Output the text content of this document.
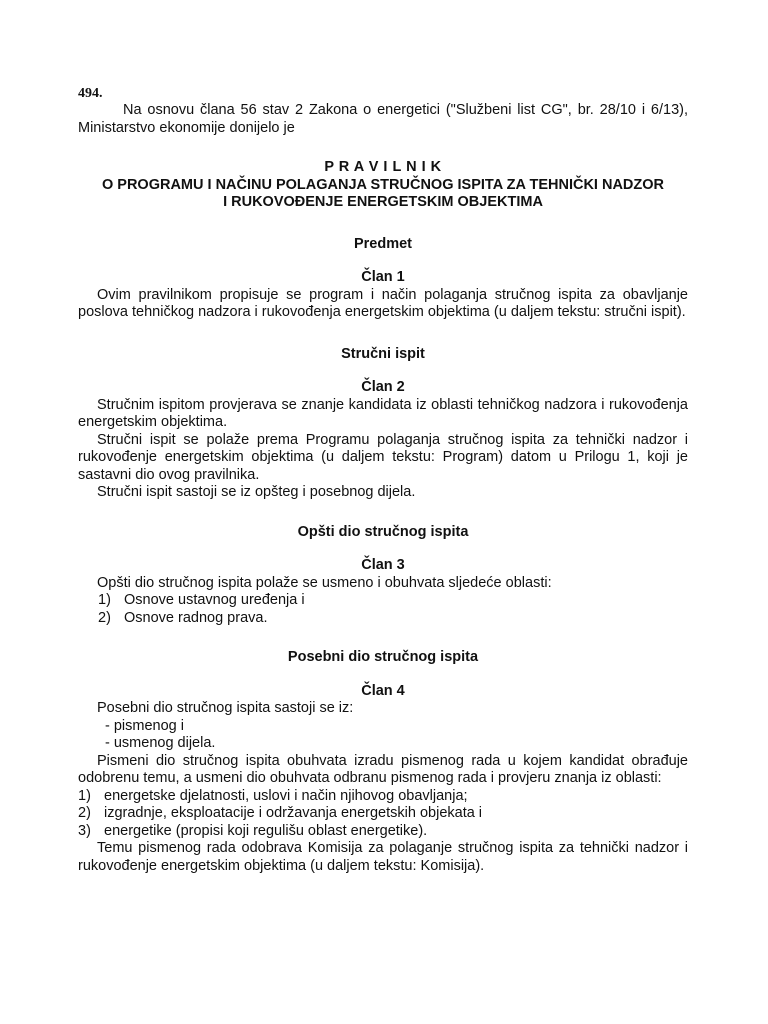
494.

Na osnovu člana 56 stav 2 Zakona o energetici ("Službeni list CG", br. 28/10 i 6/13), Ministarstvo ekonomije donijelo je

P R A V I L N I K
O PROGRAMU I NAČINU POLAGANJA STRUČNOG ISPITA ZA TEHNIČKI NADZOR
I RUKOVOĐENJE ENERGETSKIM OBJEKTIMA
Predmet
Član 1

Ovim pravilnikom propisuje se program i način polaganja stručnog ispita za obavljanje poslova tehničkog nadzora i rukovođenja energetskim objektima (u daljem tekstu: stručni ispit).

Stručni ispit
Član 2

Stručnim ispitom provjerava se znanje kandidata iz oblasti tehničkog nadzora i rukovođenja energetskim objektima.

Stručni ispit se polaže prema Programu polaganja stručnog ispita za tehnički nadzor i rukovođenje energetskim objektima (u daljem tekstu: Program) datom u Prilogu 1, koji je sastavni dio ovog pravilnika.

Stručni ispit sastoji se iz opšteg i posebnog dijela.

Opšti dio stručnog ispita
Član 3

Opšti dio stručnog ispita polaže se usmeno i obuhvata sljedeće oblasti:

1) Osnove ustavnog uređenja i
2) Osnove radnog prava.
Posebni dio stručnog ispita
Član 4

Posebni dio stručnog ispita sastoji se iz:

- pismenog i
- usmenog dijela.

Pismeni dio stručnog ispita obuhvata izradu pismenog rada u kojem kandidat obrađuje odobrenu temu, a usmeni dio obuhvata odbranu pismenog rada i provjeru znanja iz oblasti:

1) energetske djelatnosti, uslovi i način njihovog obavljanja;
2) izgradnje, eksploatacije i održavanja energetskih objekata i
3) energetike (propisi koji regulišu oblast energetike).

Temu pismenog rada odobrava Komisija za polaganje stručnog ispita za tehnički nadzor i rukovođenje energetskim objektima (u daljem tekstu: Komisija).
